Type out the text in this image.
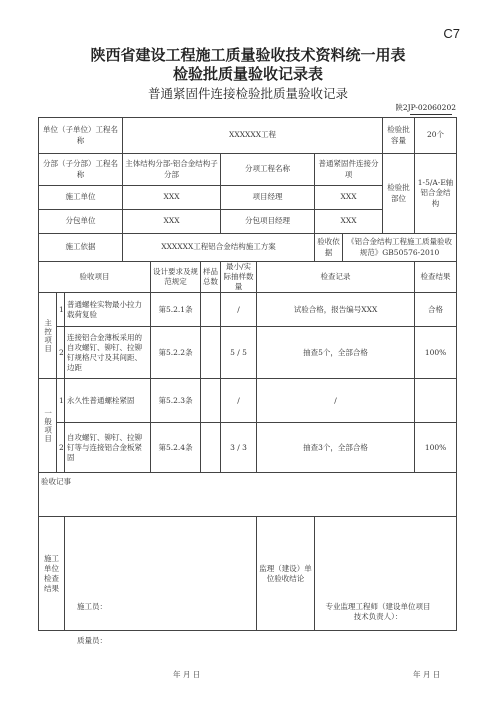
C7
陕西省建设工程施工质量验收技术资料统一用表
检验批质量验收记录表
普通紧固件连接检验批质量验收记录
陕2JP-02060202
单位（子单位）工程名称			XXXXXX工程							检验批容量	20个
分部（子分部）工程名称			主体结构分部-铝合金结构子分部			分项工程名称		普通紧固件连接分项		检验批部位	1-5/A-E轴铝合金结构
施工单位			XXX			项目经理		XXX			
分包单位			XXX			分包项目经理		XXX			
施工依据			XXXXXX工程铝合金结构施工方案					验收依据	《铝合金结构工程施工质量验收规范》GB50576-2010		
验收项目				设计要求及规范规定	样品总数	最小/实际抽样数量	检查记录				检查结果
主控项目	1	普通螺栓实物最小拉力载荷复验		第5.2.1条		/	试验合格，报告编号XXX				合格
	2	连接铝合金薄板采用的自攻螺钉、铆钉、拉铆钉规格尺寸及其间距、边距		第5.2.2条		5 / 5	抽查5个，全部合格				100%
一般项目	1	永久性普通螺栓紧固		第5.2.3条		/	/				
	2	自攻螺钉、铆钉、拉铆钉等与连接铝合金板紧固		第5.2.4条		3 / 3	抽查3个，全部合格				100%
验收记事											
施工单位检查结果		施工员：
质量员：
年 月 日					监理（建设）单位验收结论	专业监理工程师（建设单位项目技术负责人）：
年 月 日			
